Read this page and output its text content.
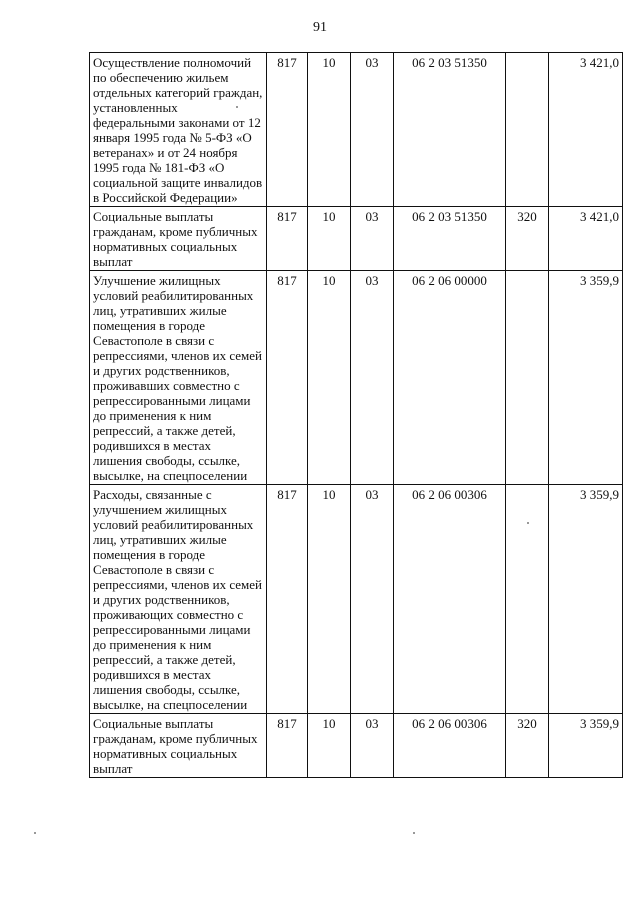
91
Осуществление полномочий по обеспечению жильем отдельных категорий граждан, установленных федеральными законами от 12 января 1995 года № 5-ФЗ «О ветеранах» и от 24 ноября 1995 года № 181-ФЗ «О социальной защите инвалидов в Российской Федерации»	817	10	03	06 2 03 51350		3 421,0
Социальные выплаты гражданам, кроме публичных нормативных социальных выплат	817	10	03	06 2 03 51350	320	3 421,0
Улучшение жилищных условий реабилитированных лиц, утративших жилые помещения в городе Севастополе в связи с репрессиями, членов их семей и других родственников, проживавших совместно с репрессированными лицами до применения к ним репрессий, а также детей, родившихся в местах лишения свободы, ссылке, высылке, на спецпоселении	817	10	03	06 2 06 00000		3 359,9
Расходы, связанные с улучшением жилищных условий реабилитированных лиц, утративших жилые помещения в городе Севастополе в связи с репрессиями, членов их семей и других родственников, проживающих совместно с репрессированными лицами до применения к ним репрессий, а также детей, родившихся в местах лишения свободы, ссылке, высылке, на спецпоселении	817	10	03	06 2 06 00306		3 359,9
Социальные выплаты гражданам, кроме публичных нормативных социальных выплат	817	10	03	06 2 06 00306	320	3 359,9
